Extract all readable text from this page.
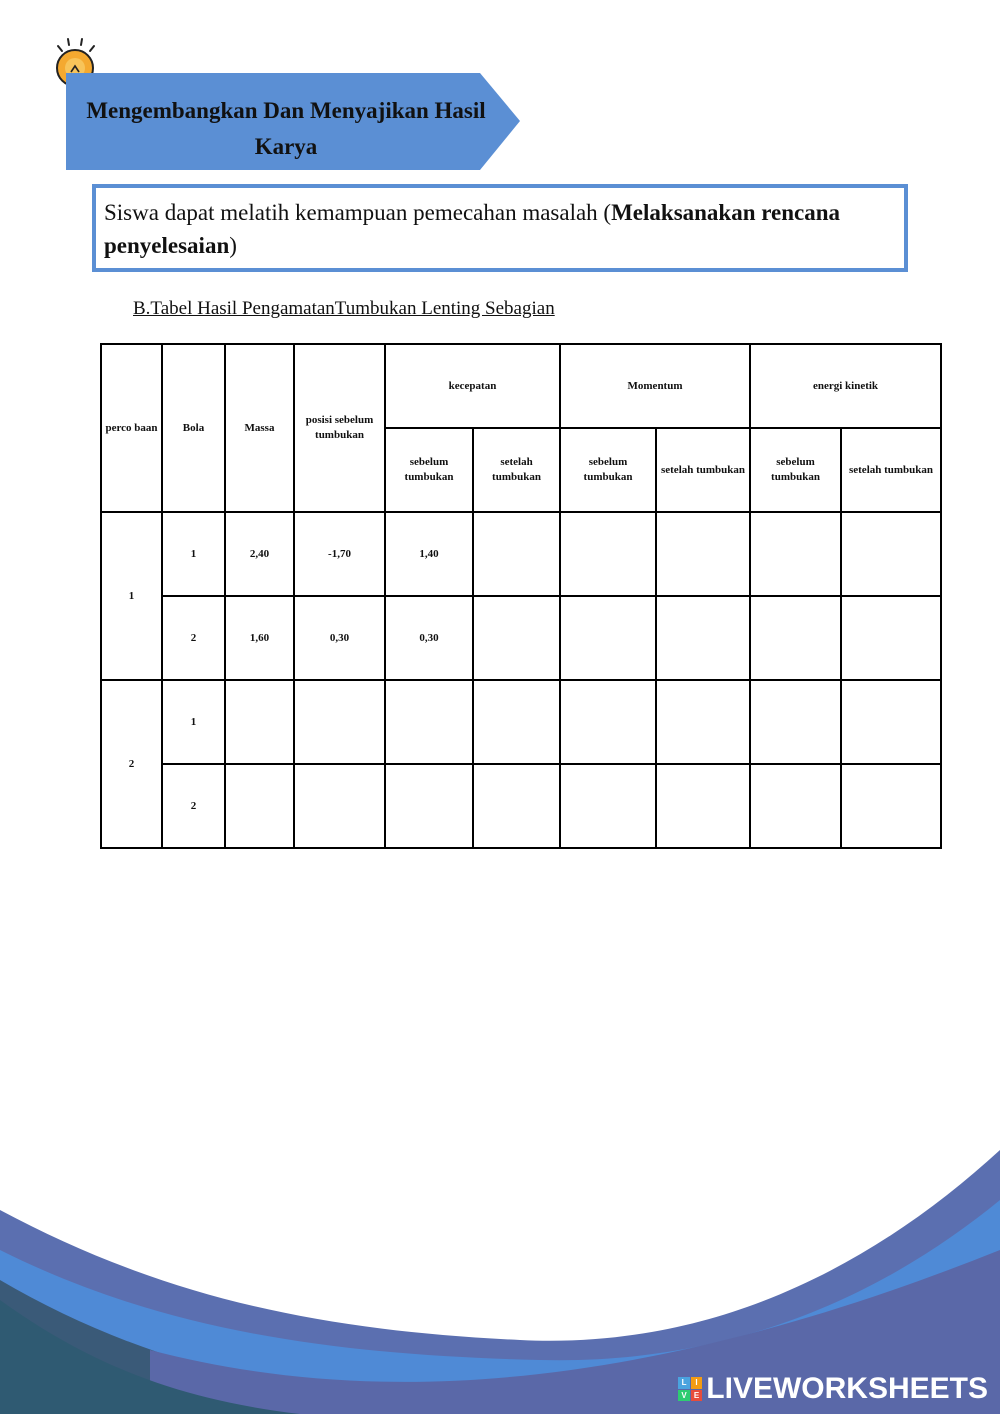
Mengembangkan Dan Menyajikan Hasil
Karya

Siswa dapat melatih kemampuan pemecahan masalah (Melaksanakan rencana penyelesaian)

B.Tabel Hasil PengamatanTumbukan Lenting Sebagian
perco baan	Bola	Massa	posisi sebelum tumbukan	kecepatan		Momentum		energi kinetik	
				sebelum tumbukan	setelah tumbukan	sebelum tumbukan	setelah tumbukan	sebelum tumbukan	setelah tumbukan
1	1	2,40	-1,70	1,40					
	2	1,60	0,30	0,30					
2	1								
	2								
L	I
V E LIVEWORKSHEETS
